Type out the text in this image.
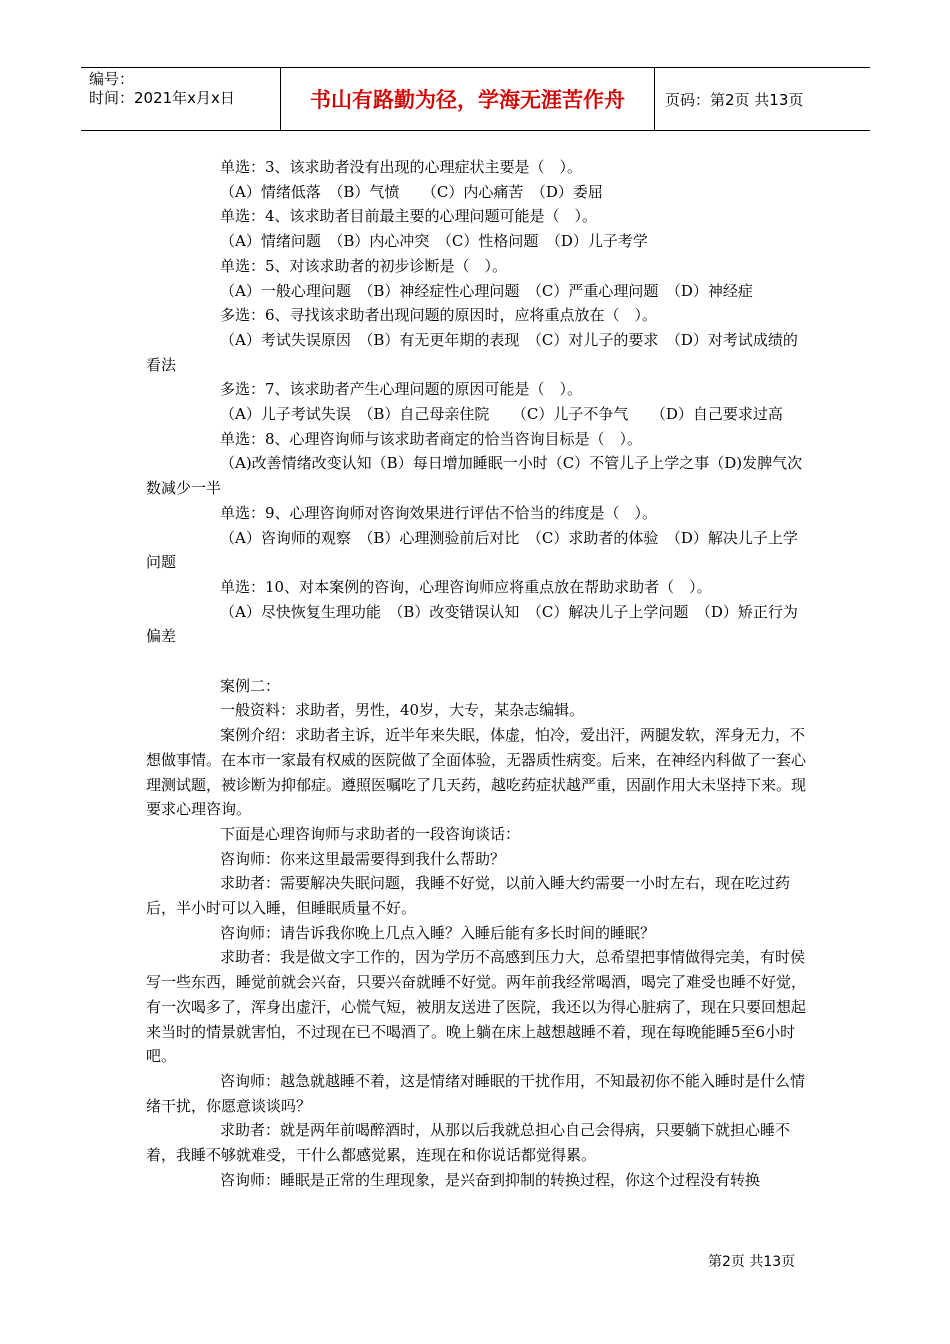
编号：
时间：2021年x月x日	书山有路勤为径，学海无涯苦作舟	页码：第2页 共13页

单选：3、该求助者没有出现的心理症状主要是（　）。

（A）情绪低落　（B）气愤　　（C）内心痛苦　（D）委屈

单选：4、该求助者目前最主要的心理问题可能是（　）。

（A）情绪问题　（B）内心冲突　（C）性格问题　（D）儿子考学

单选：5、对该求助者的初步诊断是（　）。

（A）一般心理问题　（B）神经症性心理问题　（C）严重心理问题　（D）神经症

多选：6、寻找该求助者出现问题的原因时，应将重点放在（　）。

（A）考试失误原因　（B）有无更年期的表现　（C）对儿子的要求　（D）对考试成绩的看法

多选：7、该求助者产生心理问题的原因可能是（　）。

（A）儿子考试失误　（B）自己母亲住院　　（C）儿子不争气　　（D）自己要求过高

单选：8、心理咨询师与该求助者商定的恰当咨询目标是（　）。

（A)改善情绪改变认知（B）每日增加睡眠一小时（C）不管儿子上学之事（D)发脾气次数减少一半

单选：9、心理咨询师对咨询效果进行评估不恰当的纬度是（　）。

（A）咨询师的观察　（B）心理测验前后对比　（C）求助者的体验　（D）解决儿子上学问题

单选：10、对本案例的咨询，心理咨询师应将重点放在帮助求助者（　）。

（A）尽快恢复生理功能　（B）改变错误认知　（C）解决儿子上学问题　（D）矫正行为偏差

案例二：

一般资料：求助者，男性，40岁，大专，某杂志编辑。

案例介绍：求助者主诉，近半年来失眠，体虚，怕冷，爱出汗，两腿发软，浑身无力，不想做事情。在本市一家最有权威的医院做了全面体验，无器质性病变。后来，在神经内科做了一套心理测试题，被诊断为抑郁症。遵照医嘱吃了几天药，越吃药症状越严重，因副作用大未坚持下来。现要求心理咨询。

下面是心理咨询师与求助者的一段咨询谈话：

咨询师：你来这里最需要得到我什么帮助？

求助者：需要解决失眠问题，我睡不好觉，以前入睡大约需要一小时左右，现在吃过药后，半小时可以入睡，但睡眠质量不好。

咨询师：请告诉我你晚上几点入睡？入睡后能有多长时间的睡眠？

求助者：我是做文字工作的，因为学历不高感到压力大，总希望把事情做得完美，有时侯写一些东西，睡觉前就会兴奋，只要兴奋就睡不好觉。两年前我经常喝酒，喝完了难受也睡不好觉，有一次喝多了，浑身出虚汗，心慌气短，被朋友送进了医院，我还以为得心脏病了，现在只要回想起来当时的情景就害怕，不过现在已不喝酒了。晚上躺在床上越想越睡不着，现在每晚能睡5至6小时吧。

咨询师：越急就越睡不着，这是情绪对睡眠的干扰作用，不知最初你不能入睡时是什么情绪干扰，你愿意谈谈吗？

求助者：就是两年前喝醉酒时，从那以后我就总担心自己会得病，只要躺下就担心睡不着，我睡不够就难受，干什么都感觉累，连现在和你说话都觉得累。

咨询师：睡眠是正常的生理现象，是兴奋到抑制的转换过程，你这个过程没有转换

第2页 共13页
